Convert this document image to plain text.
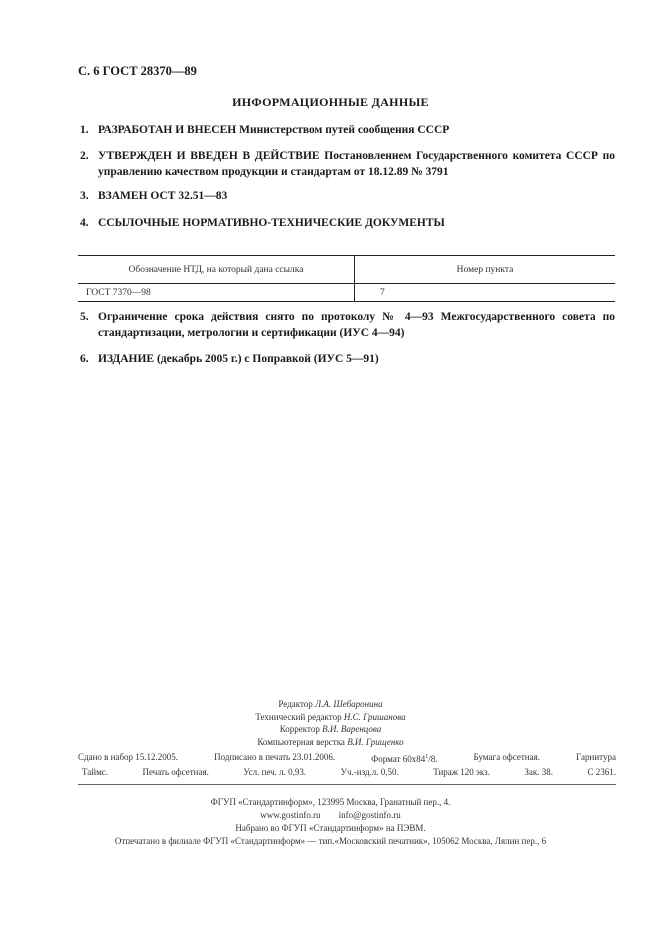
С. 6 ГОСТ 28370—89
ИНФОРМАЦИОННЫЕ ДАННЫЕ
1. РАЗРАБОТАН И ВНЕСЕН Министерством путей сообщения СССР
2. УТВЕРЖДЕН И ВВЕДЕН В ДЕЙСТВИЕ Постановлением Государственного комитета СССР по управлению качеством продукции и стандартам от 18.12.89 № 3791
3. ВЗАМЕН ОСТ 32.51—83
4. ССЫЛОЧНЫЕ НОРМАТИВНО-ТЕХНИЧЕСКИЕ ДОКУМЕНТЫ
Обозначение НТД, на который дана ссылка	Номер пункта
ГОСТ 7370—98	7
5. Ограничение срока действия снято по протоколу № 4—93 Межгосударственного совета по стандартизации, метрологии и сертификации (ИУС 4—94)
6. ИЗДАНИЕ (декабрь 2005 г.) с Поправкой (ИУС 5—91)
Редактор Л.А. Шебаронина
Технический редактор Н.С. Гришанова
Корректор В.И. Варенцова
Компьютерная верстка В.И. Грищенко
Сдано в набор 15.12.2005.	Подписано в печать 23.01.2006.	Формат $60x84^1/8$.	Бумага офсетная.	Гарнитура
Таймс.	Печать офсетная.	Усл. печ. л. 0,93.	Уч.-изд.л. 0,50.	Тираж 120 экз.	Зак. 38.	С 2361.
ФГУП «Стандартинформ», 123995 Москва, Гранатный пер., 4.
www.gostinfo.ru        info@gostinfo.ru
Набрано во ФГУП «Стандартинформ» на ПЭВМ.
Отпечатано в филиале ФГУП «Стандартинформ» — тип.«Московский печатник», 105062 Москва, Лялин пер., 6
